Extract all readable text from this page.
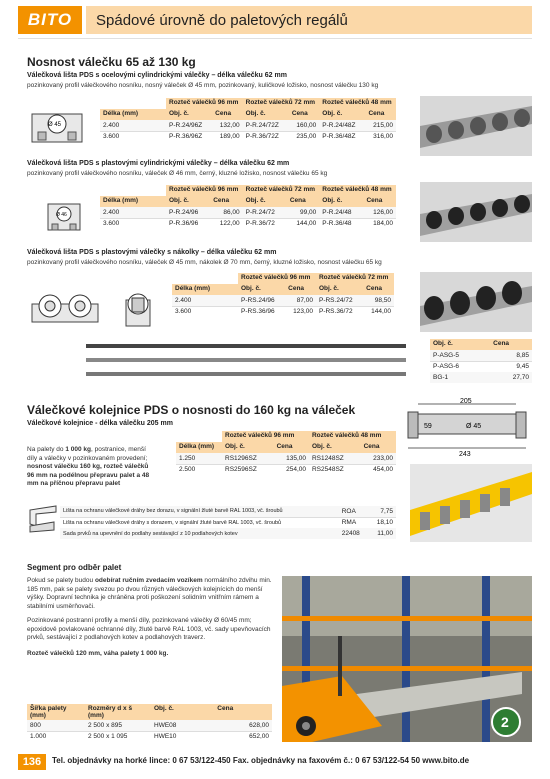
BITO	Spádové úrovně do paletových regálů
Nosnost válečku 65 až 130 kg
Válečková lišta PDS s ocelovými cylindrickými válečky – délka válečku 62 mm
pozinkovaný profil válečkového nosníku, nosný váleček Ø 45 mm, pozinkovaný, kuličkové ložisko, nosnost válečku 130 kg
Ø 45
	Rozteč válečků 96 mm		Rozteč válečků 72 mm		Rozteč válečků 48 mm	
Délka (mm)	Obj. č.	Cena	Obj. č.	Cena	Obj. č.	Cena
2.400	P-R.24/96Z	132,00	P-R.24/72Z	160,00	P-R.24/48Z	215,00
3.600	P-R.36/96Z	189,00	P-R.36/72Z	235,00	P-R.36/48Z	316,00
Válečková lišta PDS s plastovými cylindrickými válečky – délka válečku 62 mm
pozinkovaný profil válečkového nosníku, váleček Ø 46 mm, černý, kluzné ložisko, nosnost válečku 65 kg
Ø 46
	Rozteč válečků 96 mm		Rozteč válečků 72 mm		Rozteč válečků 48 mm	
Délka (mm)	Obj. č.	Cena	Obj. č.	Cena	Obj. č.	Cena
2.400	P-R.24/96	86,00	P-R.24/72	99,00	P-R.24/48	126,00
3.600	P-R.36/96	122,00	P-R.36/72	144,00	P-R.36/48	184,00
Válečková lišta PDS s plastovými válečky s nákolky – délka válečku 62 mm
pozinkovaný profil válečkového nosníku, váleček Ø 45 mm, nákolek Ø 70 mm, černý, kluzné ložisko, nosnost válečku 65 kg
	Rozteč válečků 96 mm		Rozteč válečků 72 mm	
Délka (mm)	Obj. č.	Cena	Obj. č.	Cena
2.400	P-RS.24/96	87,00	P-RS.24/72	98,50
3.600	P-RS.36/96	123,00	P-RS.36/72	144,00
Obj. č.	Cena
P-ASG-5	8,85
P-ASG-6	9,45
BG-1	27,70
Válečkové kolejnice PDS o nosnosti do 160 kg na váleček
Válečkové kolejnice - délka válečku 205 mm
Na palety do 1 000 kg, postranice, menší díly a válečky v pozinkovaném provedení; nosnost válečku 160 kg, rozteč válečků 96 mm na podélnou přepravu palet a 48 mm na příčnou přepravu palet
	Rozteč válečků 96 mm		Rozteč válečků 48 mm	
Délka (mm)	Obj. č.	Cena	Obj. č.	Cena
1.250	RS1296SZ	135,00	RS1248SZ	233,00
2.500	RS2596SZ	254,00	RS2548SZ	454,00
205
59	Ø 45
243
Lišta na ochranu válečkové dráhy bez dorazu, v signální žluté barvě RAL 1003, vč. šroubů	ROA	7,75
Lišta na ochranu válečkové dráhy s dorazem, v signální žluté barvě RAL 1003, vč. šroubů	RMA	18,10
Sada prvků na upevnění do podlahy sestávající z 10 podlahových kotev	22408	11,00
Segment pro odběr palet
Pokud se palety budou odebírat ručním zvedacím vozíkem normálního zdvihu min. 185 mm, pak se palety svezou po dvou různých válečkových kolejnících do menší výšky. Dopravní technika je chráněna proti poškození solidním vnitřním rámem a stabilními usměrňovači.
Pozinkované postranní profily a menší díly, pozinkované válečky Ø 60/45 mm; epoxidově povlakované ochranné díly, žlutě barvě RAL 1003, vč. sady upevňovacích prvků, sestávající z podlahových kotev a podlahových traverz.
Rozteč válečků 120 mm, váha palety 1 000 kg.
Šířka palety (mm)	Rozměry d x š (mm)	Obj. č.	Cena
800	2 500 x 895	HWE08	628,00
1.000	2 500 x 1 095	HWE10	652,00
2
136	Tel. objednávky na horké lince: 0 67 53/122-450 Fax. objednávky na faxovém č.: 0 67 53/122-54 50 www.bito.de
